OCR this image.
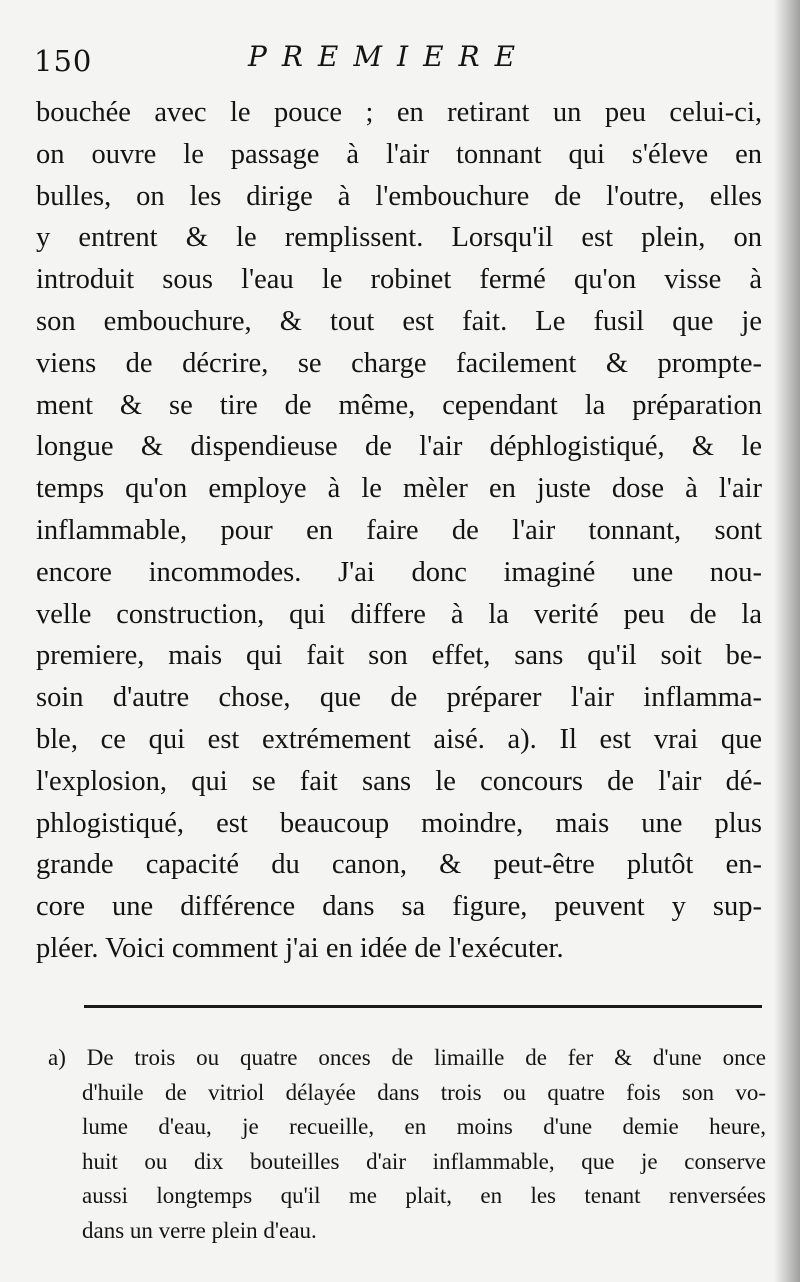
150	PREMIERE
bouchée avec le pouce ; en retirant un peu celui-ci,
on ouvre le passage à l'air tonnant qui s'éleve en
bulles, on les dirige à l'embouchure de l'outre, elles
y entrent & le remplissent. Lorsqu'il est plein, on
introduit sous l'eau le robinet fermé qu'on visse à
son embouchure, & tout est fait. Le fusil que je
viens de décrire, se charge facilement & prompte-
ment & se tire de même, cependant la préparation
longue & dispendieuse de l'air déphlogistiqué, & le
temps qu'on employe à le mèler en juste dose à l'air
inflammable, pour en faire de l'air tonnant, sont
encore incommodes. J'ai donc imaginé une nou-
velle construction, qui differe à la verité peu de la
premiere, mais qui fait son effet, sans qu'il soit be-
soin d'autre chose, que de préparer l'air inflamma-
ble, ce qui est extrémement aisé. a). Il est vrai que
l'explosion, qui se fait sans le concours de l'air dé-
phlogistiqué, est beaucoup moindre, mais une plus
grande capacité du canon, & peut-être plutôt en-
core une différence dans sa figure, peuvent y sup-
pléer. Voici comment j'ai en idée de l'exécuter.
a) De trois ou quatre onces de limaille de fer & d'une once
d'huile de vitriol délayée dans trois ou quatre fois son vo-
lume d'eau, je recueille, en moins d'une demie heure,
huit ou dix bouteilles d'air inflammable, que je conserve
aussi longtemps qu'il me plait, en les tenant renversées
dans un verre plein d'eau.
